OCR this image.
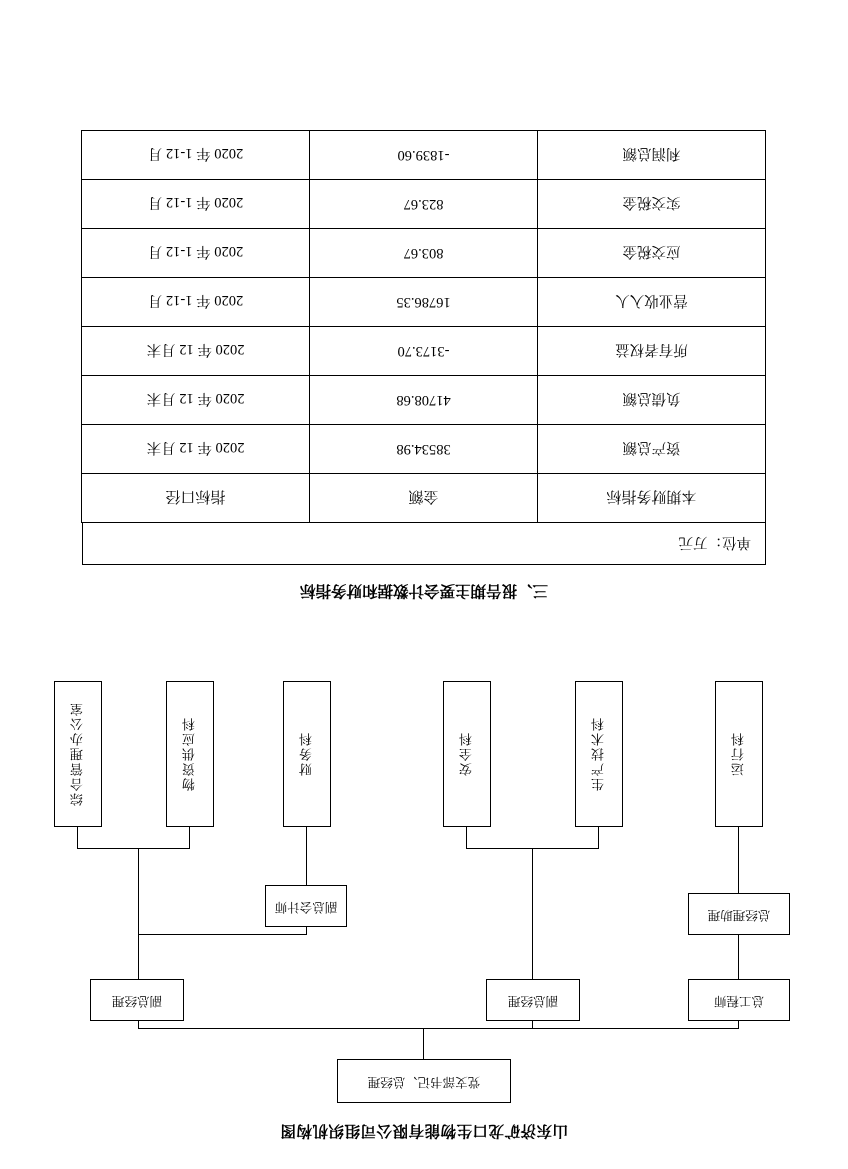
山东济矿龙口生物能有限公司组织机构图
党支部书记、总经理
总工程师
副总经理
副总经理
总经理助理
副总会计师
运行科
生产技术科
安全科
财务科
物资供应科
综合管理办公室
三、报告期主要会计数据和财务指标
单位：万元
本期财务指标	金额	指标口径
资产总额	38534.98	2020 年 12 月末
负债总额	41708.68	2020 年 12 月末
所有者权益	-3173.70	2020 年 12 月末
营业收入人	16786.35	2020 年 1-12 月
应交税金	803.67	2020 年 1-12 月
实交税金	823.67	2020 年 1-12 月
利润总额	-1839.60	2020 年 1-12 月
